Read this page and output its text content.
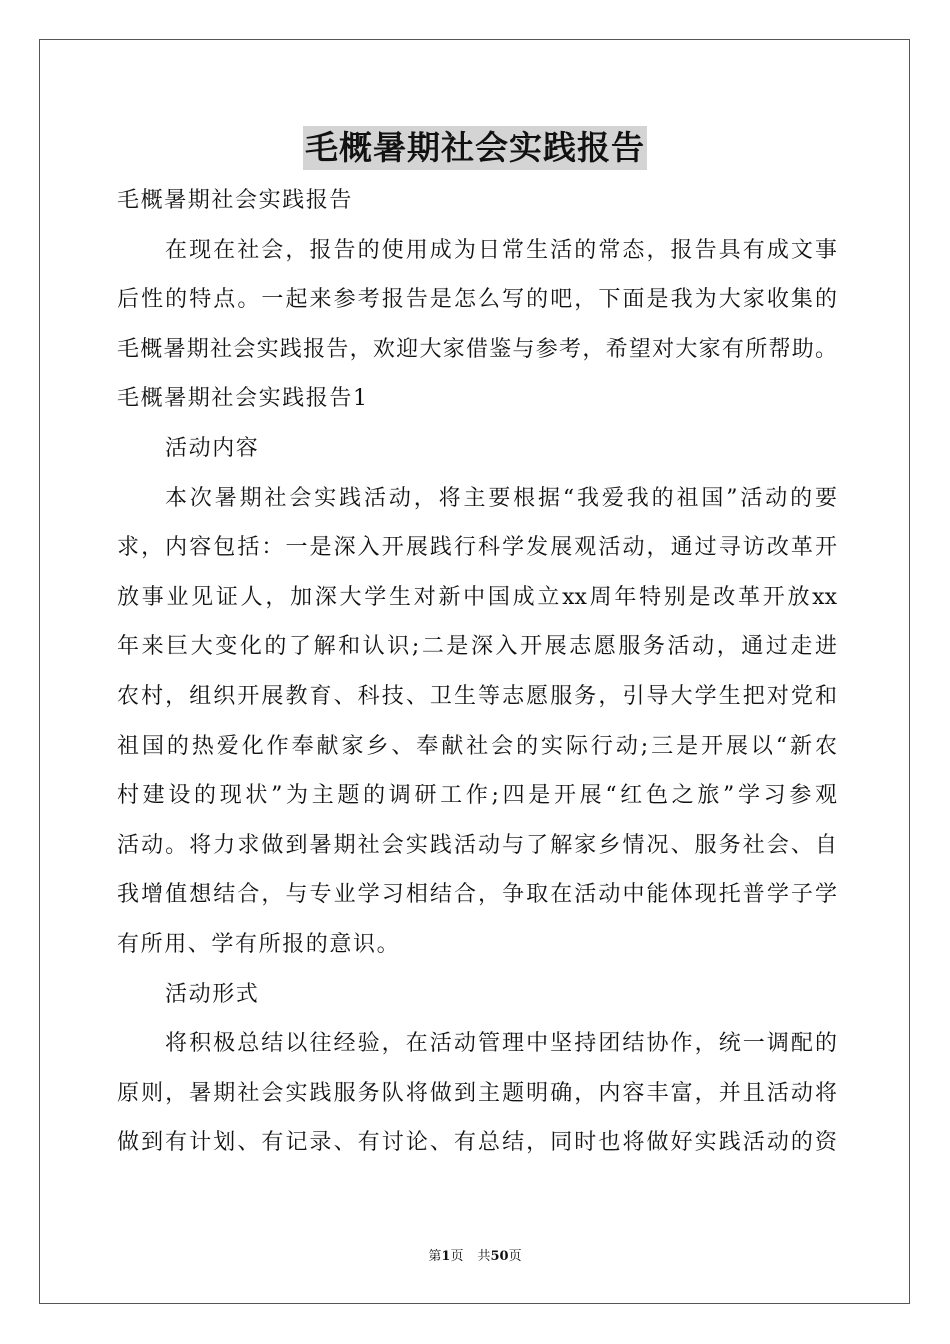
毛概暑期社会实践报告
毛概暑期社会实践报告
在现在社会，报告的使用成为日常生活的常态，报告具有成文事
后性的特点。一起来参考报告是怎么写的吧，下面是我为大家收集的
毛概暑期社会实践报告，欢迎大家借鉴与参考，希望对大家有所帮助。
毛概暑期社会实践报告1
活动内容
本次暑期社会实践活动，将主要根据“我爱我的祖国”活动的要
求，内容包括：一是深入开展践行科学发展观活动，通过寻访改革开
放事业见证人，加深大学生对新中国成立xx周年特别是改革开放xx
年来巨大变化的了解和认识;二是深入开展志愿服务活动，通过走进
农村，组织开展教育、科技、卫生等志愿服务，引导大学生把对党和
祖国的热爱化作奉献家乡、奉献社会的实际行动;三是开展以“新农
村建设的现状”为主题的调研工作;四是开展“红色之旅”学习参观
活动。将力求做到暑期社会实践活动与了解家乡情况、服务社会、自
我增值想结合，与专业学习相结合，争取在活动中能体现托普学子学
有所用、学有所报的意识。
活动形式
将积极总结以往经验，在活动管理中坚持团结协作，统一调配的
原则，暑期社会实践服务队将做到主题明确，内容丰富，并且活动将
做到有计划、有记录、有讨论、有总结，同时也将做好实践活动的资
第1页 共50页
